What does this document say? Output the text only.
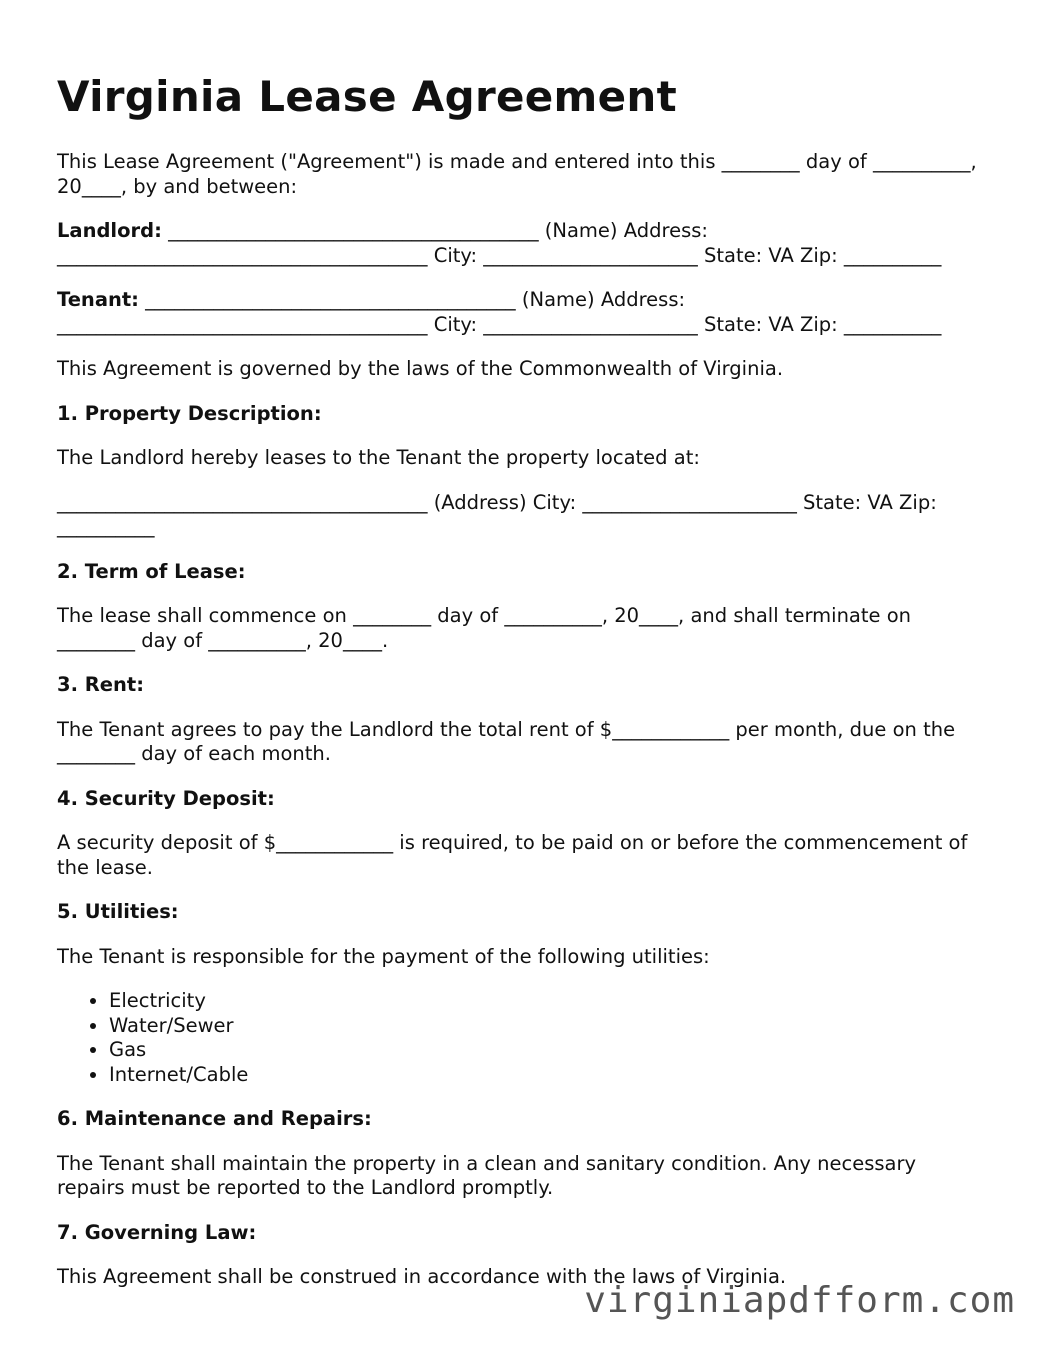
Virginia Lease Agreement

This Lease Agreement ("Agreement") is made and entered into this ________ day of __________, 20____, by and between:

Landlord: ______________________________________ (Name) Address: ______________________________________ City: ______________________ State: VA Zip: __________

Tenant: ______________________________________ (Name) Address: ______________________________________ City: ______________________ State: VA Zip: __________

This Agreement is governed by the laws of the Commonwealth of Virginia.

1. Property Description:

The Landlord hereby leases to the Tenant the property located at:

______________________________________ (Address) City: ______________________ State: VA Zip: __________

2. Term of Lease:

The lease shall commence on ________ day of __________, 20____, and shall terminate on ________ day of __________, 20____.

3. Rent:

The Tenant agrees to pay the Landlord the total rent of $____________ per month, due on the ________ day of each month.

4. Security Deposit:

A security deposit of $____________ is required, to be paid on or before the commencement of the lease.

5. Utilities:

The Tenant is responsible for the payment of the following utilities:

• Electricity
• Water/Sewer
• Gas
• Internet/Cable
6. Maintenance and Repairs:

The Tenant shall maintain the property in a clean and sanitary condition. Any necessary repairs must be reported to the Landlord promptly.

7. Governing Law:

This Agreement shall be construed in accordance with the laws of Virginia.

virginiapdfform.com
